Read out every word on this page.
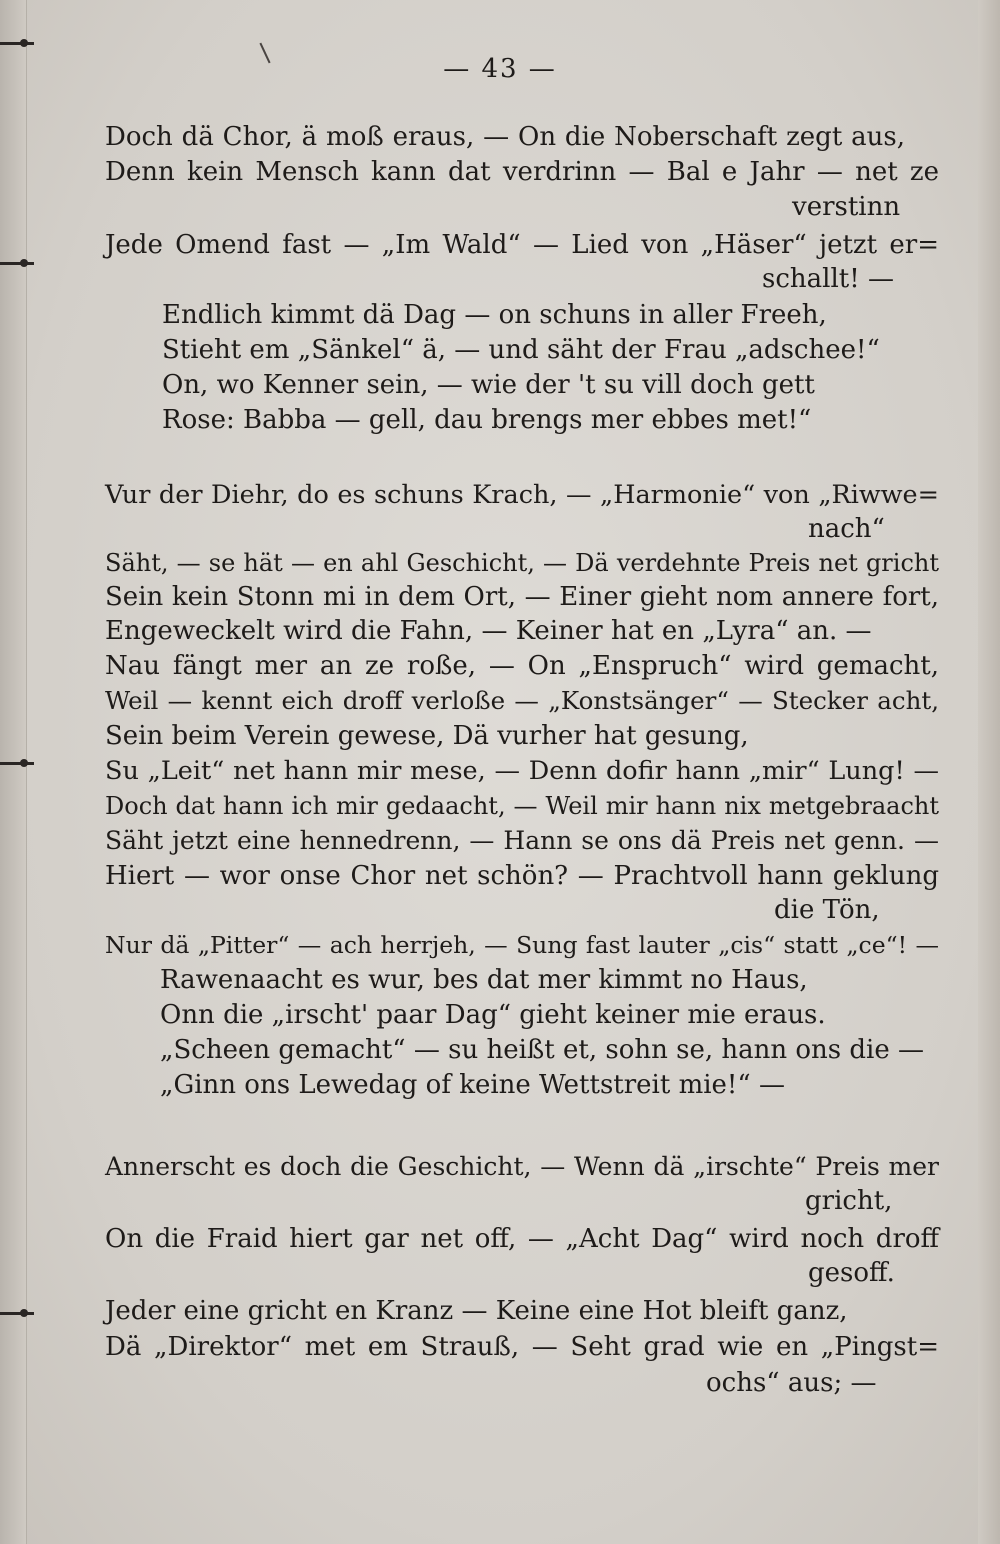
— 43 —
Doch dä Chor, ä moß eraus, — On die Noberschaft zegt aus,
Denn kein Mensch kann dat verdrinn — Bal e Jahr — net ze
verstinn
Jede Omend fast — „Im Wald“ — Lied von „Häser“ jetzt er=
schallt! —
Endlich kimmt dä Dag — on schuns in aller Freeh,
Stieht em „Sänkel“ ä, — und säht der Frau „adschee!“
On, wo Kenner sein, — wie der 't su vill doch gett
Rose: Babba — gell, dau brengs mer ebbes met!“
Vur der Diehr, do es schuns Krach, — „Harmonie“ von „Riwwe=
nach“
Säht, — se hät — en ahl Geschicht, — Dä verdehnte Preis net gricht
Sein kein Stonn mi in dem Ort, — Einer gieht nom annere fort,
Engeweckelt wird die Fahn, — Keiner hat en „Lyra“ an. —
Nau fängt mer an ze roße, — On „Enspruch“ wird gemacht,
Weil — kennt eich droff verloße — „Konstsänger“ — Stecker acht,
Sein beim Verein gewese, Dä vurher hat gesung,
Su „Leit“ net hann mir mese, — Denn dofir hann „mir“ Lung! —
Doch dat hann ich mir gedaacht, — Weil mir hann nix metgebraacht
Säht jetzt eine hennedrenn, — Hann se ons dä Preis net genn. —
Hiert — wor onse Chor net schön? — Prachtvoll hann geklung
die Tön,
Nur dä „Pitter“ — ach herrjeh, — Sung fast lauter „cis“ statt „ce“! —
Rawenaacht es wur, bes dat mer kimmt no Haus,
Onn die „irscht' paar Dag“ gieht keiner mie eraus.
„Scheen gemacht“ — su heißt et, sohn se, hann ons die —
„Ginn ons Lewedag of keine Wettstreit mie!“ —
Annerscht es doch die Geschicht, — Wenn dä „irschte“ Preis mer
gricht,
On die Fraid hiert gar net off, — „Acht Dag“ wird noch droff
gesoff.
Jeder eine gricht en Kranz — Keine eine Hot bleift ganz,
Dä „Direktor“ met em Strauß, — Seht grad wie en „Pingst=
ochs“ aus; —
